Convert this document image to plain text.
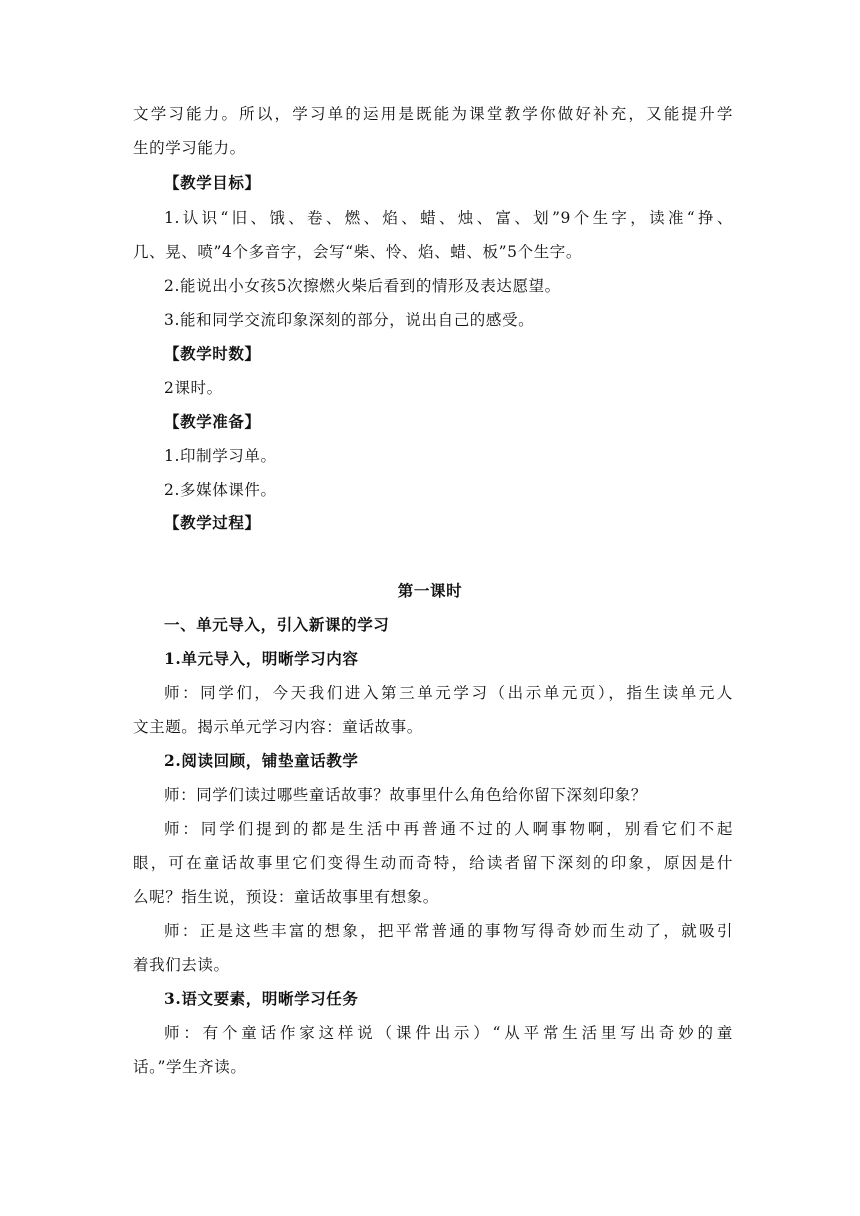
文学习能力。所以，学习单的运用是既能为课堂教学你做好补充，又能提升学
生的学习能力。
【教学目标】
1.认识“旧、饿、卷、燃、焰、蜡、烛、富、划”9个生字，读准“挣、
几、晃、喷”4个多音字，会写“柴、怜、焰、蜡、板”5个生字。
2.能说出小女孩5次擦燃火柴后看到的情形及表达愿望。
3.能和同学交流印象深刻的部分，说出自己的感受。
【教学时数】
2课时。
【教学准备】
1.印制学习单。
2.多媒体课件。
【教学过程】
第一课时
一、单元导入，引入新课的学习
1.单元导入，明晰学习内容
师：同学们，今天我们进入第三单元学习（出示单元页），指生读单元人
文主题。揭示单元学习内容：童话故事。
2.阅读回顾，铺垫童话教学
师：同学们读过哪些童话故事？故事里什么角色给你留下深刻印象？
师：同学们提到的都是生活中再普通不过的人啊事物啊，别看它们不起
眼，可在童话故事里它们变得生动而奇特，给读者留下深刻的印象，原因是什
么呢？指生说，预设：童话故事里有想象。
师：正是这些丰富的想象，把平常普通的事物写得奇妙而生动了，就吸引
着我们去读。
3.语文要素，明晰学习任务
师：有个童话作家这样说（课件出示）“从平常生活里写出奇妙的童
话。”学生齐读。
